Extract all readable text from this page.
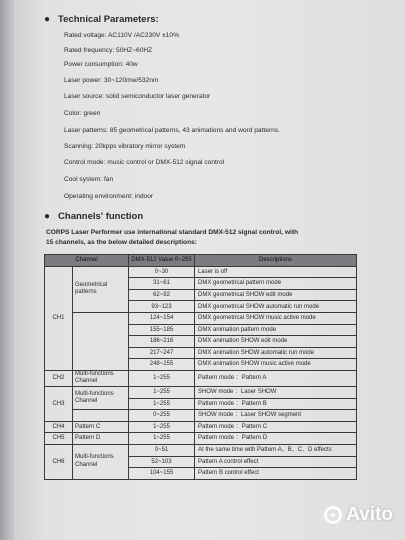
● Technical Parameters:
Rated voltage: AC110V /AC230V ±10%
Rated frequency: 50HZ~60HZ
Power consumption: 40w
Laser power: 30~120mw/532nm
Laser source: solid semiconductor laser generator
Color: green
Laser patterns: 85 geometrical patterns, 43 animations and word patterns.
Scanning: 20kpps vibratory mirror system
Control mode: music control or DMX-512 signal control
Cool system: fan
Operating environment: indoor
● Channels' function
CORPS Laser Performer use international standard DMX-512 signal control, with
15 channels, as the below detailed descriptions:
Channel		DMX-512 Value 0~255	Descriptions
CH1	Geometrical patterns	0~30	Laser is off
		31~61	DMX geometrical pattern mode
		62~92	DMX geometrical SHOW edit mode
		93~123	DMX geometrical SHOW automatic run mode
		124~154	DMX geometrical SHOW music active mode
		155~185	DMX animation pattern mode
		186~216	DMX animation SHOW edit mode
		217~247	DMX animation SHOW automatic run mode
		248~255	DMX animation SHOW music active mode
CH2	Multi-functions Channel	1~255	Pattern mode ：Pattern A
CH3	Multi-functions Channel	1~255	SHOW mode ：Laser SHOW
		1~255	Pattern mode ：Pattern B
		0~255	SHOW mode ：Laser SHOW segment
CH4	Pattern C	1~255	Pattern mode ：Pattern C
CH5	Pattern D	1~255	Pattern mode ：Pattern D
CH6	Multi-functions Channel	0~51	At the same time with Pattern A、B、C、D effects
		52~103	Pattern A control effect
		104~155	Pattern B control effect
Avito
